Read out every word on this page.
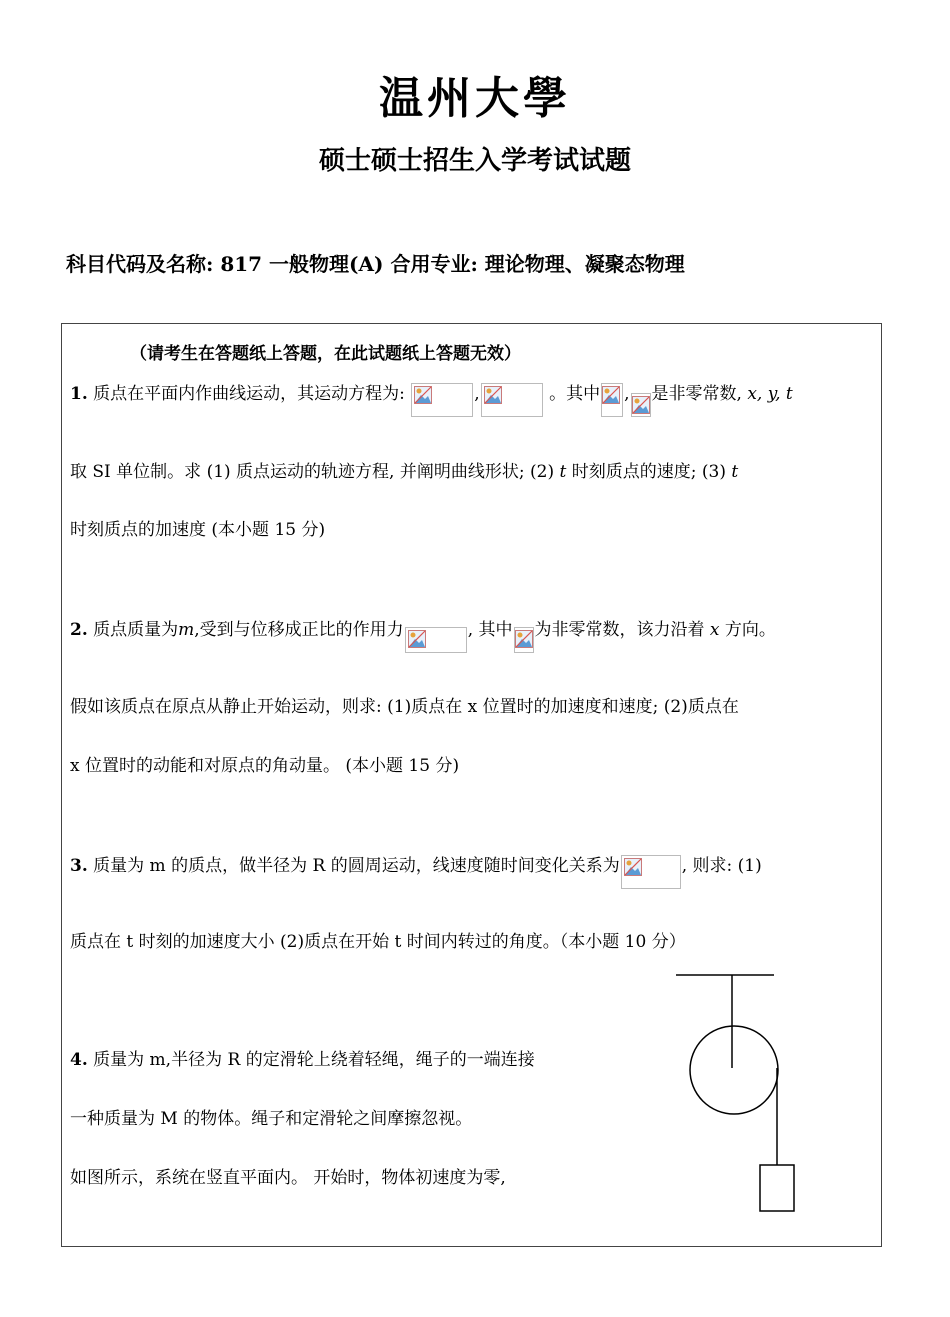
温州大學
硕士硕士招生入学考试试题
科目代码及名称: 817 一般物理(A) 合用专业: 理论物理、凝聚态物理
（请考生在答题纸上答题，在此试题纸上答题无效）
1. 质点在平面内作曲线运动，其运动方程为:	,	。其中 , 是非零常数, x, y, t
取 SI 单位制。求 (1) 质点运动的轨迹方程, 并阐明曲线形状; (2) t 时刻质点的速度; (3) t
时刻质点的加速度 (本小题 15 分)
2. 质点质量为m,受到与位移成正比的作用力	, 其中 为非零常数，该力沿着 x 方向。
假如该质点在原点从静止开始运动，则求: (1)质点在 x 位置时的加速度和速度; (2)质点在
x 位置时的动能和对原点的角动量。 (本小题 15 分)
3. 质量为 m 的质点，做半径为 R 的圆周运动，线速度随时间变化关系为	, 则求: (1)
质点在 t 时刻的加速度大小 (2)质点在开始 t 时间内转过的角度。（本小题 10 分）
4. 质量为 m,半径为 R 的定滑轮上绕着轻绳，绳子的一端连接
一种质量为 M 的物体。绳子和定滑轮之间摩擦忽视。
如图所示，系统在竖直平面内。 开始时，物体初速度为零,
